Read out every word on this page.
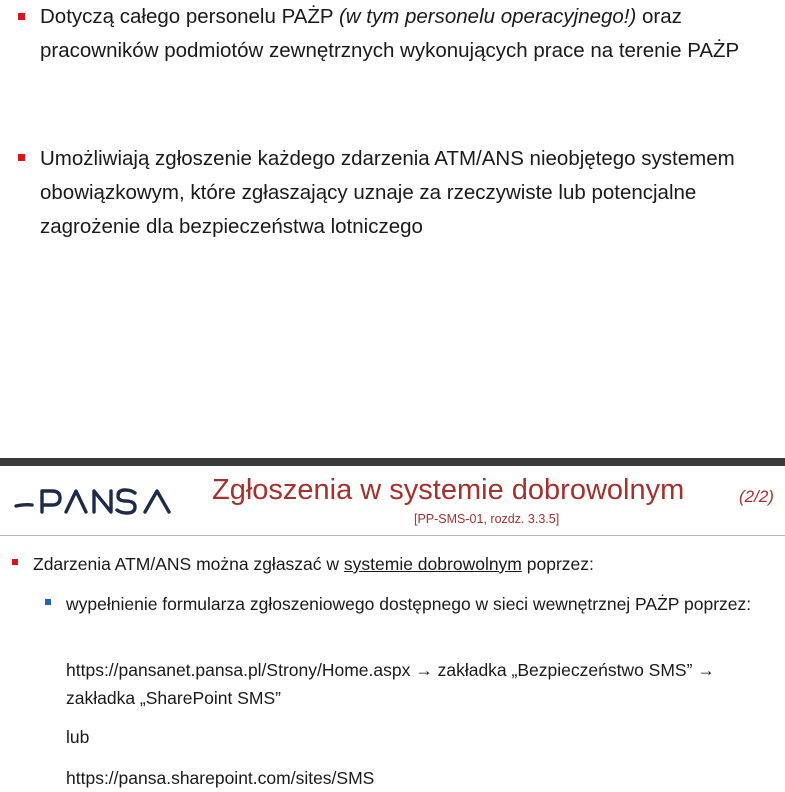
Dotyczą całego personelu PAŻP (w tym personelu operacyjnego!) oraz pracowników podmiotów zewnętrznych wykonujących prace na terenie PAŻP
Umożliwiają zgłoszenie każdego zdarzenia ATM/ANS nieobjętego systemem obowiązkowym, które zgłaszający uznaje za rzeczywiste lub potencjalne zagrożenie dla bezpieczeństwa lotniczego
Zgłoszenia w systemie dobrowolnym	(2/2)
[PP-SMS-01, rozdz. 3.3.5]
Zdarzenia ATM/ANS można zgłaszać w systemie dobrowolnym poprzez:
wypełnienie formularza zgłoszeniowego dostępnego w sieci wewnętrznej PAŻP poprzez:
https://pansanet.pansa.pl/Strony/Home.aspx → zakładka „Bezpieczeństwo SMS” → zakładka „SharePoint SMS”
lub
https://pansa.sharepoint.com/sites/SMS
